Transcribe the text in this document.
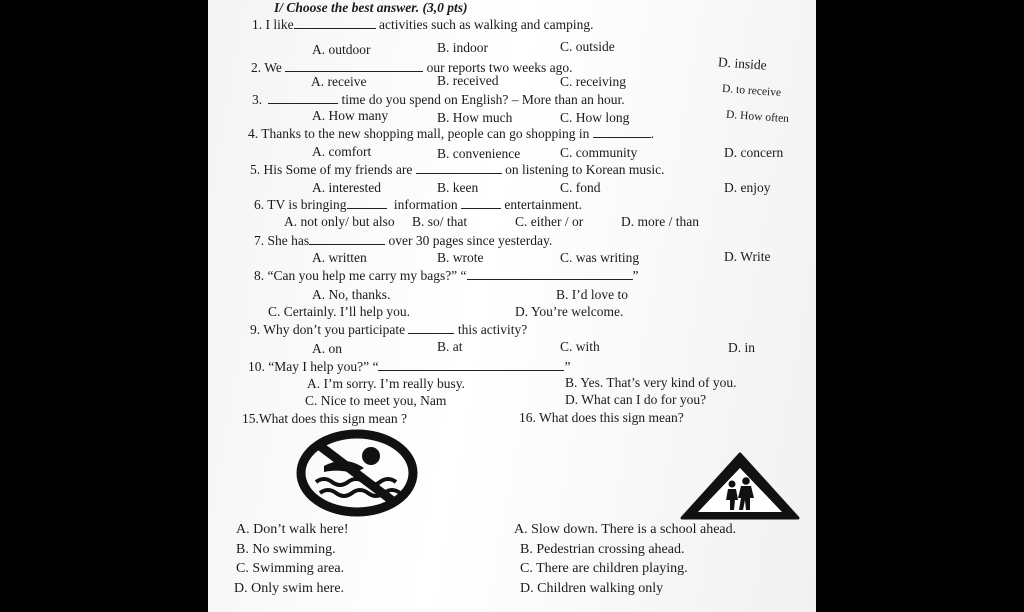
I/ Choose the best answer. (3,0 pts)
1. I like	activities such as walking and camping.
A. outdoor	B. indoor	C. outside
D. inside
2. We	our reports two weeks ago.
A. receive	B. received	C. receiving
D. to receive
3.	time do you spend on English? – More than an hour.
A. How many	B. How much	C. How long	D. How often
4. Thanks to the new shopping mall, people can go shopping in	.
A. comfort	B. convenience	C. community	D. concern
5. His Some of my friends are	on listening to Korean music.
A. interested	B. keen	C. fond	D. enjoy
6. TV is bringing	information	entertainment.
A. not only/ but also B. so/ that	C. either / or	D. more / than
7. She has	over 30 pages since yesterday.
A. written	B. wrote	C. was writing	D. Write
8. “Can you help me carry my bags?” “	”
A. No, thanks.	B. I’d love to
C. Certainly. I’ll help you.	D. You’re welcome.
9. Why don’t you participate	this activity?
A. on	B. at	C. with	D. in
10. “May I help you?” “	”
A. I’m sorry. I’m really busy.	B. Yes. That’s very kind of you.
C. Nice to meet you, Nam	D. What can I do for you?
15.What does this sign mean ?	16. What does this sign mean?
A. Don’t walk here!
B. No swimming.
C. Swimming area.
D. Only swim here.
A. Slow down. There is a school ahead.
B. Pedestrian crossing ahead.
C. There are children playing.
D. Children walking only
